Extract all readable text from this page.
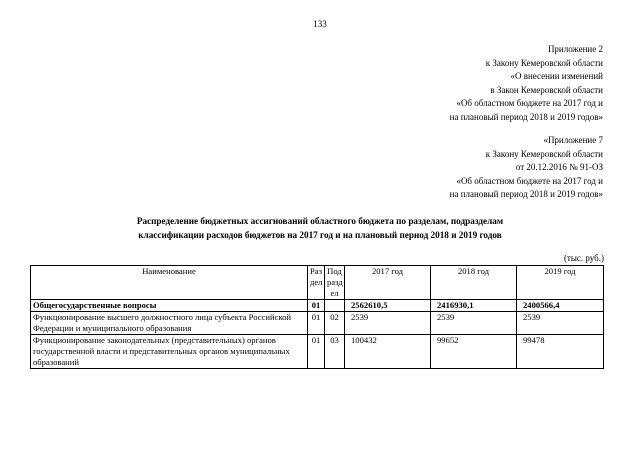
133
Приложение 2
к Закону Кемеровской области
«О внесении изменений
в Закон Кемеровской области
«Об областном бюджете на 2017 год и
на плановый период 2018 и 2019 годов»
«Приложение 7
к Закону Кемеровской области
от 20.12.2016 № 91-ОЗ
«Об областном бюджете на 2017 год и
на плановый период 2018 и 2019 годов»
Распределение бюджетных ассигнований областного бюджета по разделам, подразделам
классификации расходов бюджетов на 2017 год и на плановый период 2018 и 2019 годов
(тыс. руб.)
Наименование	Раз дел	Под разд ел	2017 год	2018 год	2019 год
Общегосударственные вопросы	01		2562610,5	2416930,1	2400566,4
Функционирование высшего должностного лица субъекта Российской Федерации и муниципального образования	01	02	2539	2539	2539
Функционирование законодательных (представительных) органов государственной власти и представительных органов муниципальных образований	01	03	100432	99652	99478
